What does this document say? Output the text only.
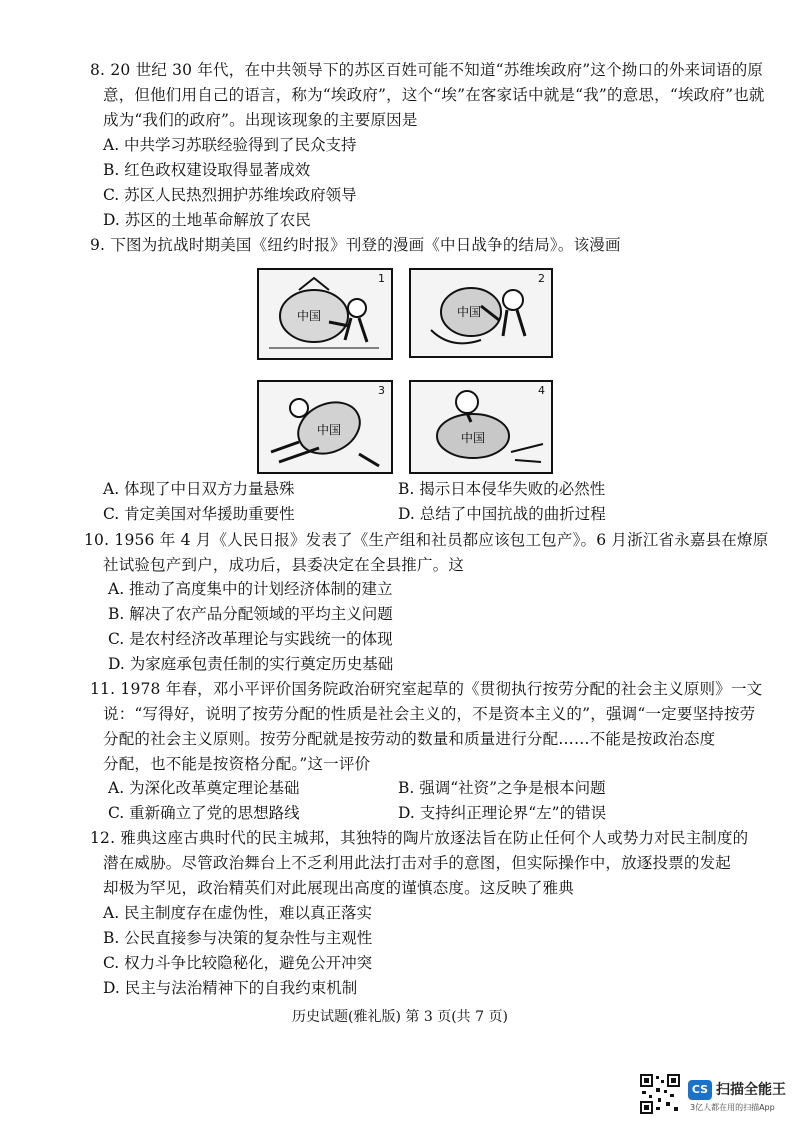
8. 20 世纪 30 年代，在中共领导下的苏区百姓可能不知道“苏维埃政府”这个拗口的外来词语的原
意，但他们用自己的语言，称为“埃政府”，这个“埃”在客家话中就是“我”的意思，“埃政府”也就
成为“我们的政府”。出现该现象的主要原因是
A. 中共学习苏联经验得到了民众支持
B. 红色政权建设取得显著成效
C. 苏区人民热烈拥护苏维埃政府领导
D. 苏区的土地革命解放了农民
9. 下图为抗战时期美国《纽约时报》刊登的漫画《中日战争的结局》。该漫画
1
中国
2
中国
3
中国
4
中国
A. 体现了中日双方力量悬殊	B. 揭示日本侵华失败的必然性
C. 肯定美国对华援助重要性	D. 总结了中国抗战的曲折过程
10. 1956 年 4 月《人民日报》发表了《生产组和社员都应该包工包产》。6 月浙江省永嘉县在燎原
社试验包产到户，成功后，县委决定在全县推广。这
A. 推动了高度集中的计划经济体制的建立
B. 解决了农产品分配领域的平均主义问题
C. 是农村经济改革理论与实践统一的体现
D. 为家庭承包责任制的实行奠定历史基础
11. 1978 年春，邓小平评价国务院政治研究室起草的《贯彻执行按劳分配的社会主义原则》一文
说：“写得好，说明了按劳分配的性质是社会主义的，不是资本主义的”，强调“一定要坚持按劳
分配的社会主义原则。按劳分配就是按劳动的数量和质量进行分配……不能是按政治态度
分配，也不能是按资格分配。”这一评价
A. 为深化改革奠定理论基础	B. 强调“社资”之争是根本问题
C. 重新确立了党的思想路线	D. 支持纠正理论界“左”的错误
12. 雅典这座古典时代的民主城邦，其独特的陶片放逐法旨在防止任何个人或势力对民主制度的
潜在威胁。尽管政治舞台上不乏利用此法打击对手的意图，但实际操作中，放逐投票的发起
却极为罕见，政治精英们对此展现出高度的谨慎态度。这反映了雅典
A. 民主制度存在虚伪性，难以真正落实
B. 公民直接参与决策的复杂性与主观性
C. 权力斗争比较隐秘化，避免公开冲突
D. 民主与法治精神下的自我约束机制
历史试题(雅礼版) 第 3 页(共 7 页)
CS 扫描全能王
3亿人都在用的扫描App
